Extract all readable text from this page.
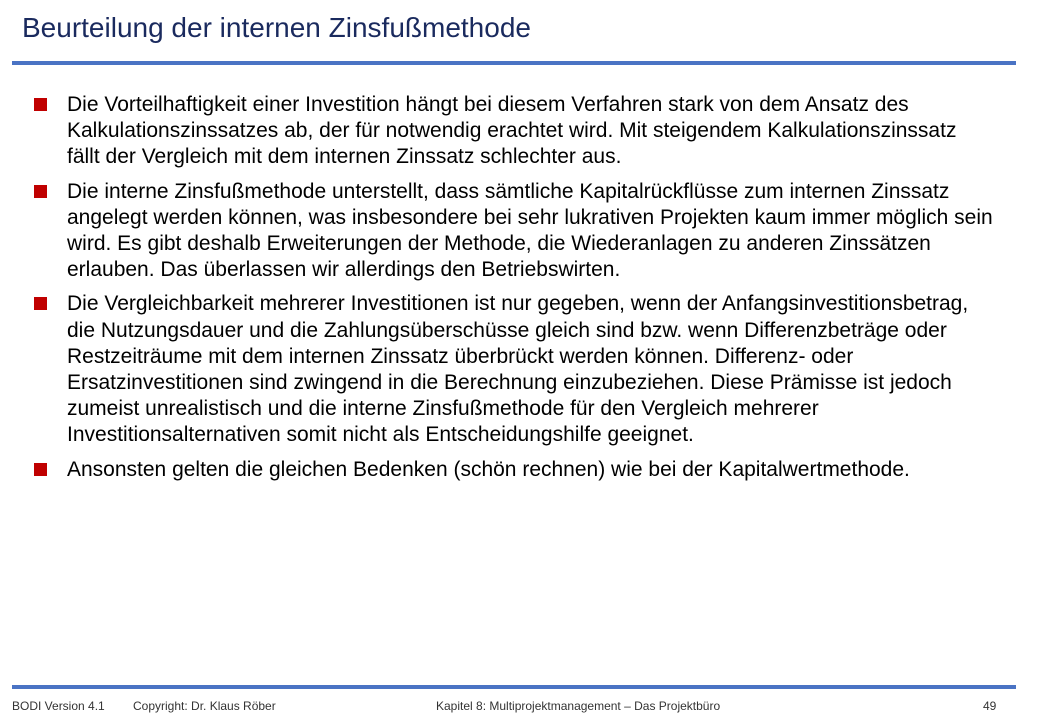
Beurteilung der internen Zinsfußmethode
Die Vorteilhaftigkeit einer Investition hängt bei diesem Verfahren stark von dem Ansatz des Kalkulationszinssatzes ab, der für notwendig erachtet wird. Mit steigendem Kalkulationszinssatz fällt der Vergleich mit dem internen Zinssatz schlechter aus.
Die interne Zinsfußmethode unterstellt, dass sämtliche Kapitalrückflüsse zum internen Zinssatz angelegt werden können, was insbesondere bei sehr lukrativen Projekten kaum immer möglich sein wird. Es gibt deshalb Erweiterungen der Methode, die Wiederanlagen zu anderen Zinssätzen erlauben. Das überlassen wir allerdings den Betriebswirten.
Die Vergleichbarkeit mehrerer Investitionen ist nur gegeben, wenn der Anfangsinvestitionsbetrag, die Nutzungsdauer und die Zahlungsüberschüsse gleich sind bzw. wenn Differenzbeträge oder Restzeiträume mit dem internen Zinssatz überbrückt werden können. Differenz- oder Ersatzinvestitionen sind zwingend in die Berechnung einzubeziehen. Diese Prämisse ist jedoch zumeist unrealistisch und die interne Zinsfußmethode für den Vergleich mehrerer Investitionsalternativen somit nicht als Entscheidungshilfe geeignet.
Ansonsten gelten die gleichen Bedenken (schön rechnen) wie bei der Kapitalwertmethode.
BODI Version 4.1 Copyright: Dr. Klaus Röber	Kapitel 8: Multiprojektmanagement – Das Projektbüro	49
